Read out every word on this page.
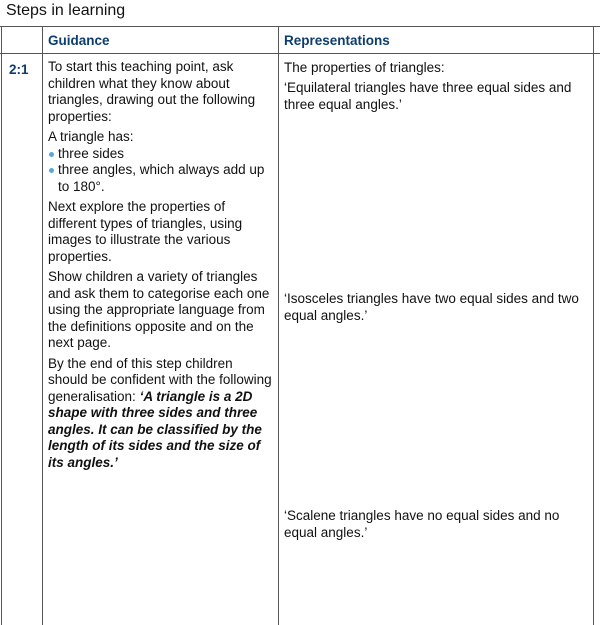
Steps in learning
Guidance	Representations
2:1 To start this teaching point, ask children what they know about triangles, drawing out the following properties:

A triangle has:

three sides
three angles, which always add up to 180°.

Next explore the properties of different types of triangles, using images to illustrate the various properties.

Show children a variety of triangles and ask them to categorise each one using the appropriate language from the definitions opposite and on the next page.

By the end of this step children should be confident with the following generalisation: ‘A triangle is a 2D shape with three sides and three angles. It can be classified by the length of its sides and the size of its angles.’

The properties of triangles:
‘Equilateral triangles have three equal sides and three equal angles.’
60°
60°	60°
‘Isosceles triangles have two equal sides and two equal angles.’
‘Scalene triangles have no equal sides and no equal angles.’
